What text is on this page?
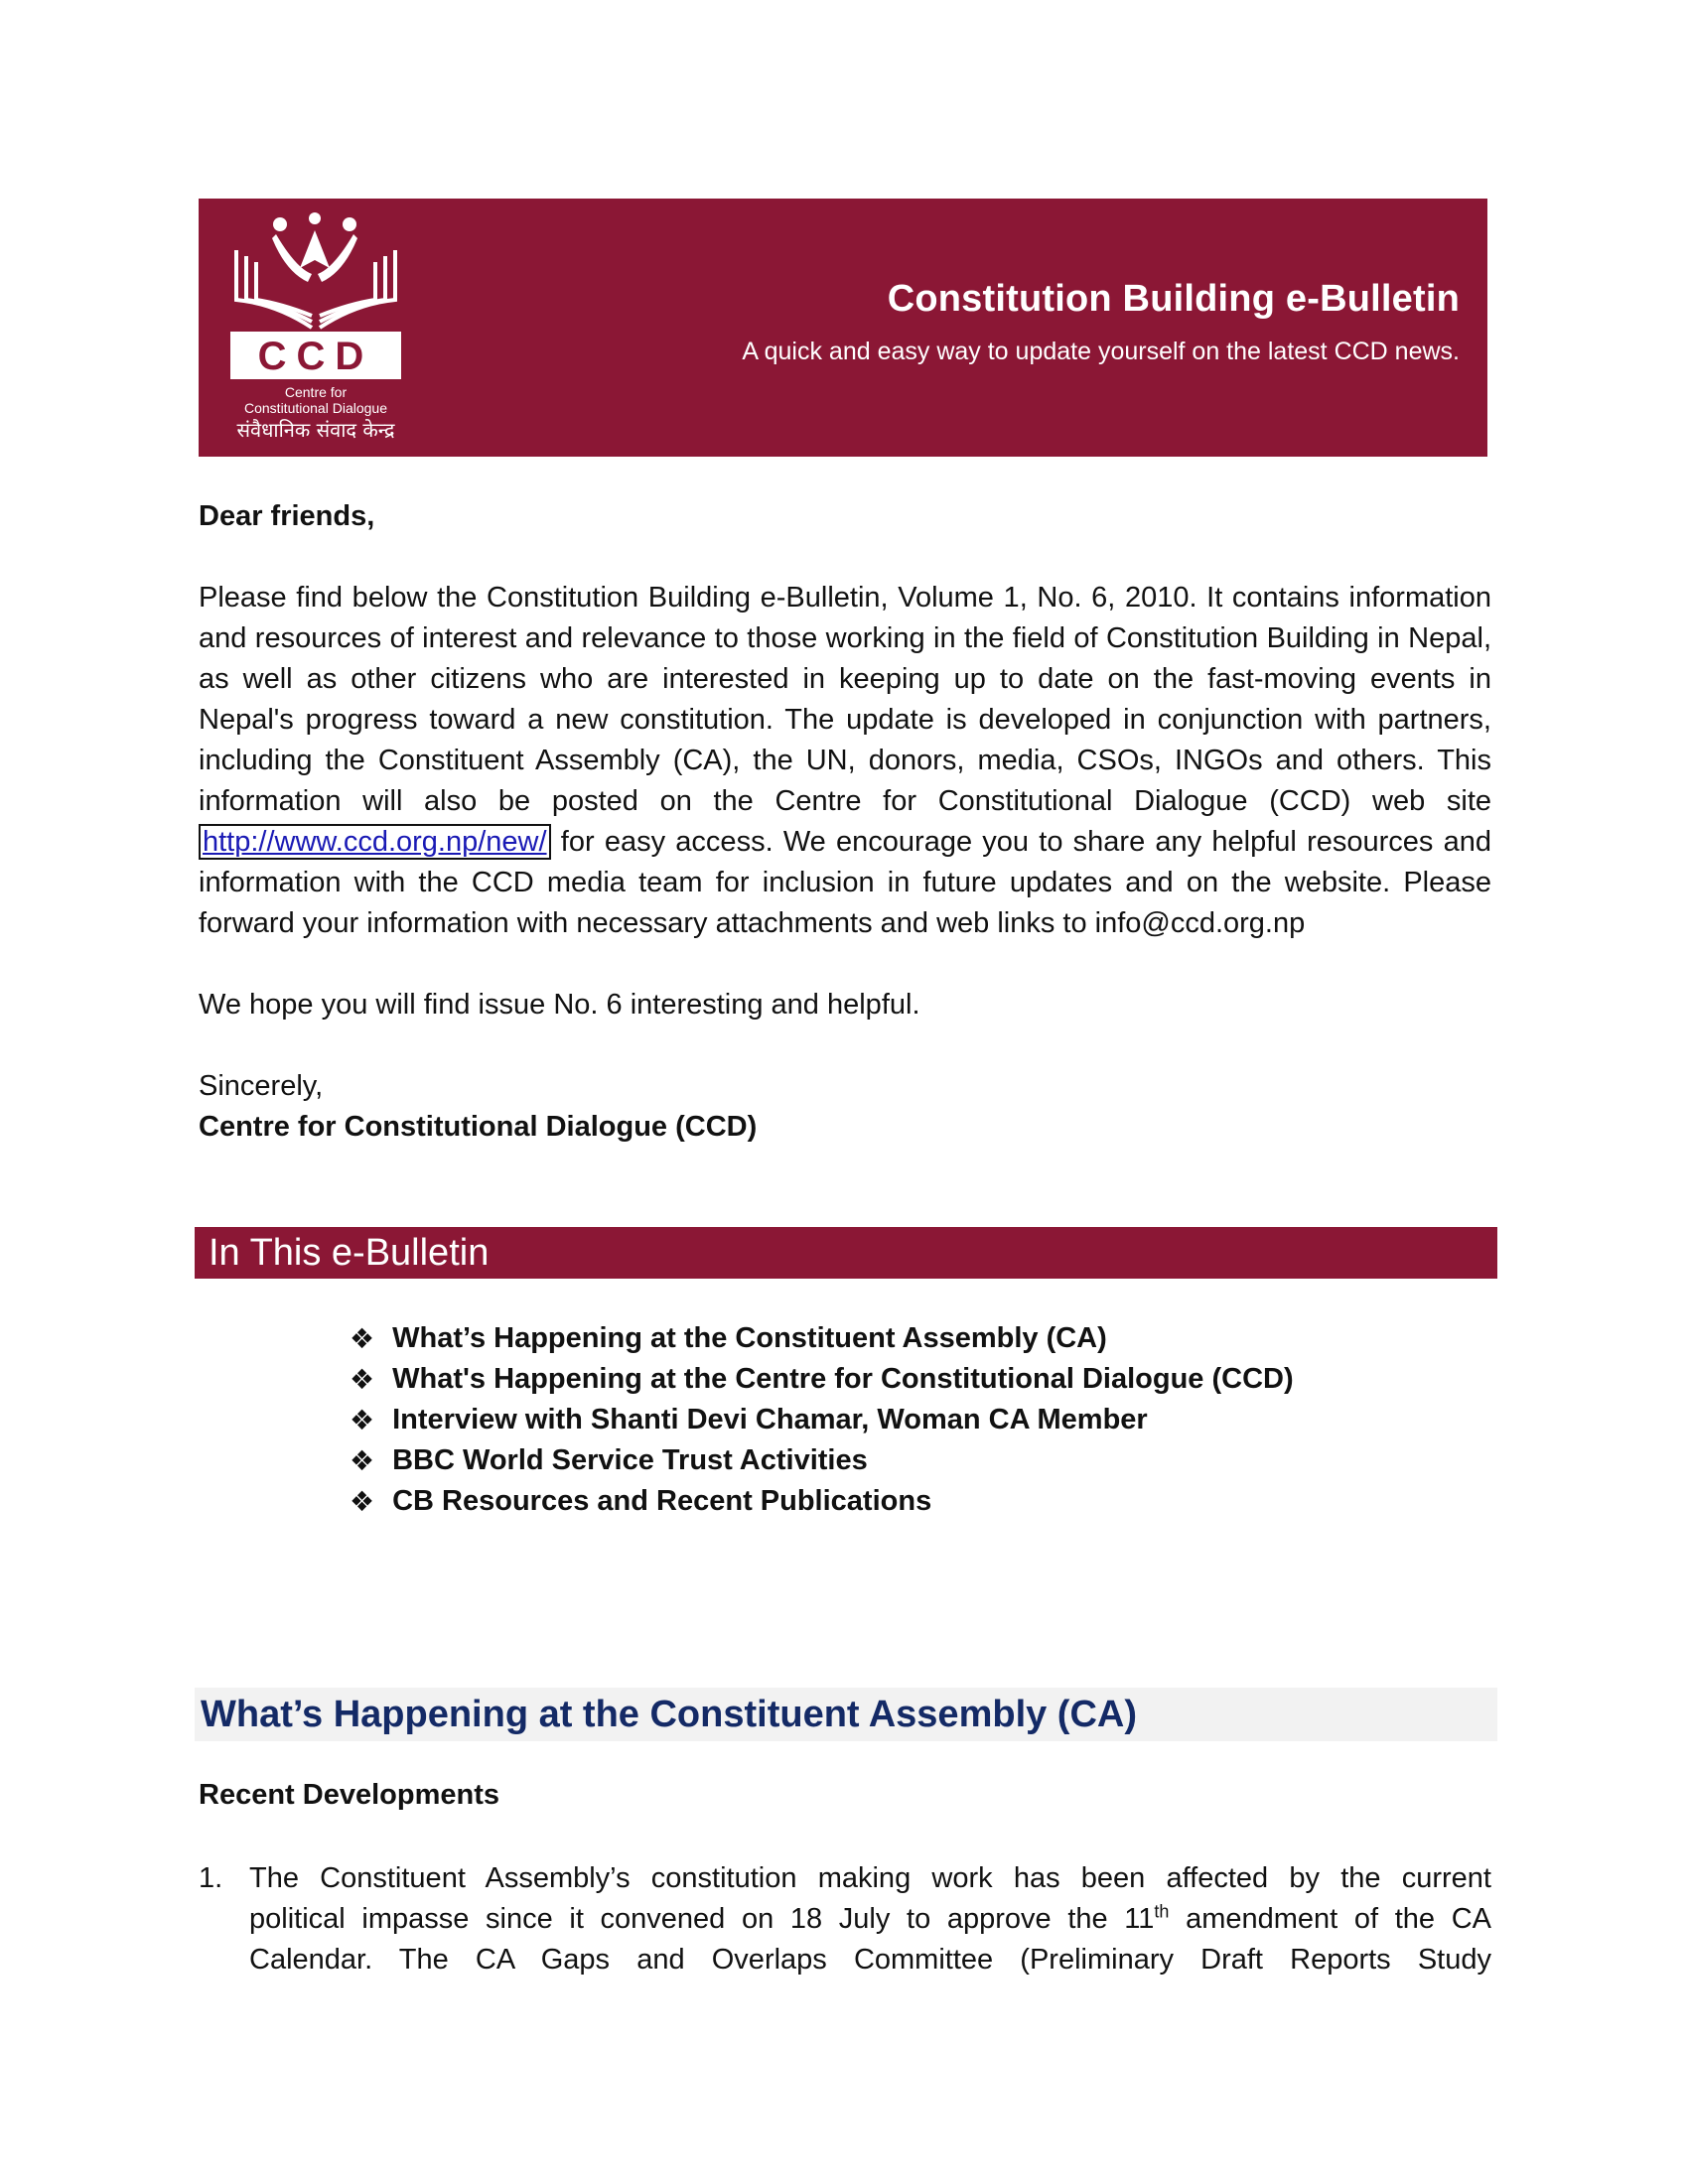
CCD
Centre for
Constitutional Dialogue
संवैधानिक संवाद केन्द्र
Constitution Building e-Bulletin
A quick and easy way to update yourself on the latest CCD news.

Dear friends,

Please find below the Constitution Building e-Bulletin, Volume 1, No. 6, 2010. It contains information and resources of interest and relevance to those working in the field of Constitution Building in Nepal, as well as other citizens who are interested in keeping up to date on the fast-moving events in Nepal's progress toward a new constitution. The update is developed in conjunction with partners, including the Constituent Assembly (CA), the UN, donors, media, CSOs, INGOs and others. This information will also be posted on the Centre for Constitutional Dialogue (CCD) web site http://www.ccd.org.np/new/ for easy access. We encourage you to share any helpful resources and information with the CCD media team for inclusion in future updates and on the website. Please forward your information with necessary attachments and web links to info@ccd.org.np

We hope you will find issue No. 6 interesting and helpful.

Sincerely,

Centre for Constitutional Dialogue (CCD)

In This e-Bulletin
❖ What’s Happening at the Constituent Assembly (CA)
❖ What's Happening at the Centre for Constitutional Dialogue (CCD)
❖ Interview with Shanti Devi Chamar, Woman CA Member
❖ BBC World Service Trust Activities
❖ CB Resources and Recent Publications
What’s Happening at the Constituent Assembly (CA)
Recent Developments
1. The Constituent Assembly’s constitution making work has been affected by the current
political impasse since it convened on 18 July to approve the 11th amendment of the CA
Calendar. The CA Gaps and Overlaps Committee (Preliminary Draft Reports Study
